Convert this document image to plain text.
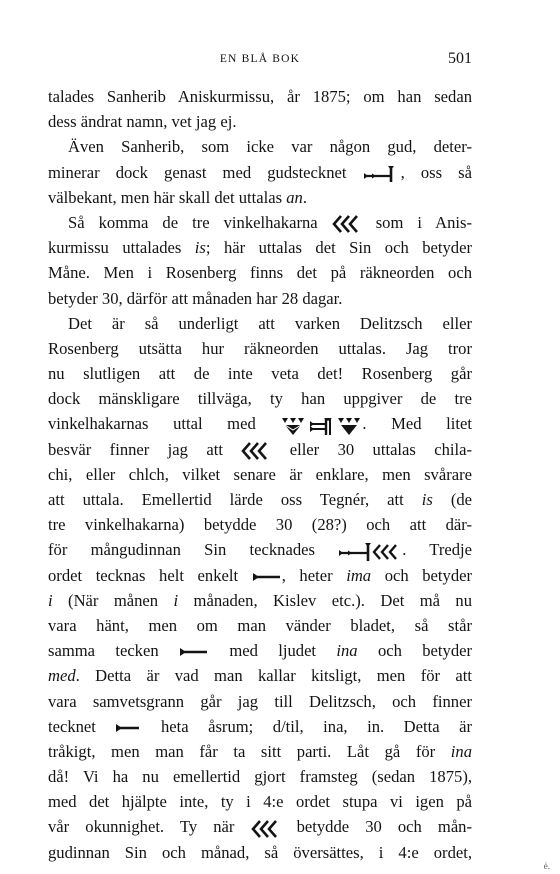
EN BLÅ BOK	501
talades Sanherib Aniskurmissu, år 1875; om han sedan
dess ändrat namn, vet jag ej.
Även Sanherib, som icke var någon gud, deter-
minerar dock genast med gudstecknet	, oss så
välbekant, men här skall det uttalas an.
Så komma de tre vinkelhakarna	som i Anis-
kurmissu uttalades is; här uttalas det Sin och betyder
Måne. Men i Rosenberg finns det på räkneorden och
betyder 30, därför att månaden har 28 dagar.
Det är så underligt att varken Delitzsch eller
Rosenberg utsätta hur räkneorden uttalas. Jag tror
nu slutligen att de inte veta det! Rosenberg går
dock mänskligare tillväga, ty han uppgiver de tre
vinkelhakarnas uttal med	. Med litet
besvär finner jag att	eller 30 uttalas chila-
chi, eller chlch, vilket senare är enklare, men svårare
att uttala. Emellertid lärde oss Tegnér, att is (de
tre vinkelhakarna) betydde 30 (28?) och att där-
för mångudinnan Sin tecknades	. Tredje
ordet tecknas helt enkelt	, heter ima och betyder
i (När månen i månaden, Kislev etc.). Det må nu
vara hänt, men om man vänder bladet, så står
samma tecken	med ljudet ina och betyder
med. Detta är vad man kallar kitsligt, men för att
vara samvetsgrann går jag till Delitzsch, och finner
tecknet	heta åsrum; d/til, ina, in. Detta är
tråkigt, men man får ta sitt parti. Låt gå för ina
då! Vi ha nu emellertid gjort framsteg (sedan 1875),
med det hjälpte inte, ty i 4:e ordet stupa vi igen på
vår okunnighet. Ty när	betydde 30 och mån-
gudinnan Sin och månad, så översättes, i 4:e ordet,
ė.
